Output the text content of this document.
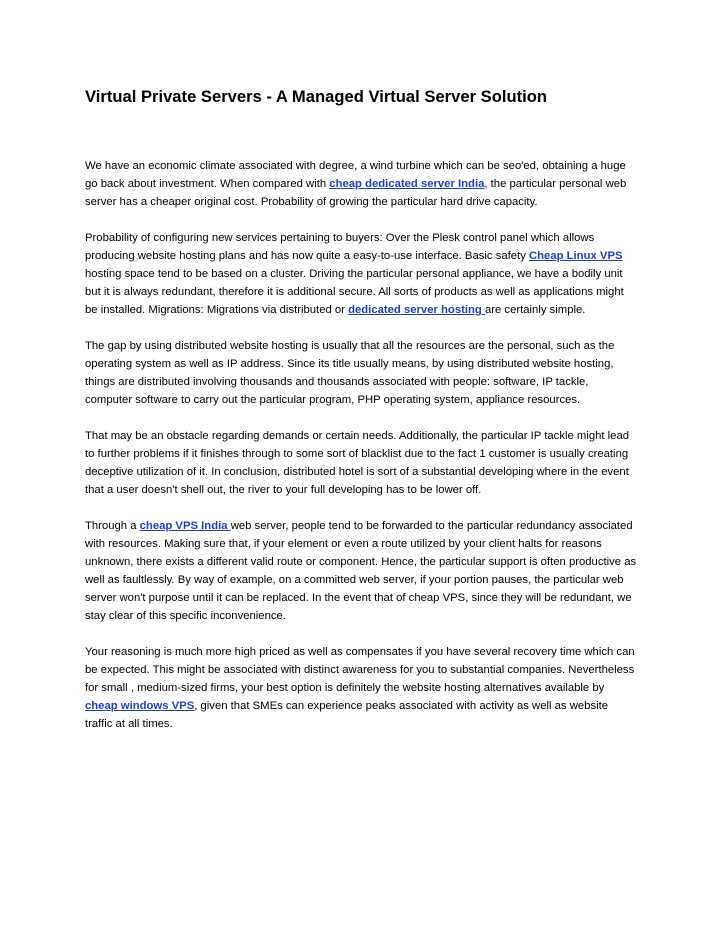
Virtual Private Servers - A Managed Virtual Server Solution

We have an economic climate associated with degree, a wind turbine which can be seo'ed, obtaining a huge go back about investment. When compared with cheap dedicated server India, the particular personal web server has a cheaper original cost. Probability of growing the particular hard drive capacity.

Probability of configuring new services pertaining to buyers: Over the Plesk control panel which allows producing website hosting plans and has now quite a easy-to-use interface. Basic safety Cheap Linux VPS hosting space tend to be based on a cluster. Driving the particular personal appliance, we have a bodily unit but it is always redundant, therefore it is additional secure. All sorts of products as well as applications might be installed. Migrations: Migrations via distributed or dedicated server hosting are certainly simple.

The gap by using distributed website hosting is usually that all the resources are the personal, such as the operating system as well as IP address. Since its title usually means, by using distributed website hosting, things are distributed involving thousands and thousands associated with people: software, IP tackle, computer software to carry out the particular program, PHP operating system, appliance resources.

That may be an obstacle regarding demands or certain needs. Additionally, the particular IP tackle might lead to further problems if it finishes through to some sort of blacklist due to the fact 1 customer is usually creating deceptive utilization of it. In conclusion, distributed hotel is sort of a substantial developing where in the event that a user doesn't shell out, the river to your full developing has to be lower off.

Through a cheap VPS India web server, people tend to be forwarded to the particular redundancy associated with resources. Making sure that, if your element or even a route utilized by your client halts for reasons unknown, there exists a different valid route or component. Hence, the particular support is often productive as well as faultlessly. By way of example, on a committed web server, if your portion pauses, the particular web server won't purpose until it can be replaced. In the event that of cheap VPS, since they will be redundant, we stay clear of this specific inconvenience.

Your reasoning is much more high priced as well as compensates if you have several recovery time which can be expected. This might be associated with distinct awareness for you to substantial companies. Nevertheless for small , medium-sized firms, your best option is definitely the website hosting alternatives available by cheap windows VPS, given that SMEs can experience peaks associated with activity as well as website traffic at all times.
